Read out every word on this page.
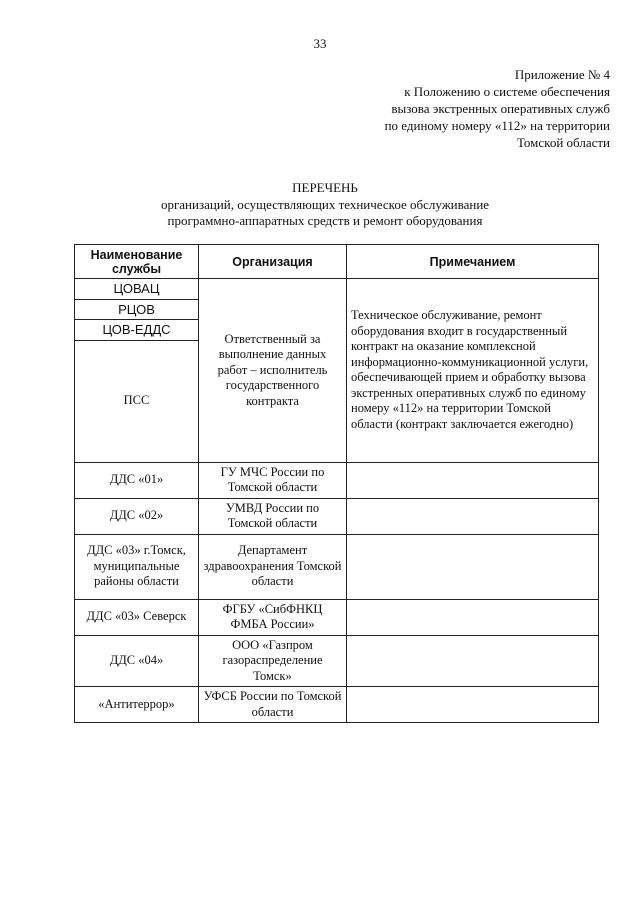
33
Приложение № 4
к Положению о системе обеспечения
вызова экстренных оперативных служб
по единому номеру «112» на территории
Томской области
ПЕРЕЧЕНЬ
организаций, осуществляющих техническое обслуживание
программно-аппаратных средств и ремонт оборудования
Наименование службы	Организация	Примечанием
ЦОВАЦ	Ответственный за выполнение данных работ – исполнитель государственного контракта	Техническое обслуживание, ремонт оборудования входит в государственный контракт на оказание комплексной информационно-коммуникационной услуги, обеспечивающей прием и обработку вызова экстренных оперативных служб по единому номеру «112» на территории Томской области (контракт заключается ежегодно)
РЦОВ		
ЦОВ-ЕДДС		
ПСС		
ДДС «01»	ГУ МЧС России по Томской области	
ДДС «02»	УМВД России по Томской области	
ДДС «03» г.Томск, муниципальные районы области	Департамент здравоохранения Томской области	
ДДС «03» Северск	ФГБУ «СибФНКЦ ФМБА России»	
ДДС «04»	ООО «Газпром газораспределение Томск»	
«Антитеррор»	УФСБ России по Томской области	
